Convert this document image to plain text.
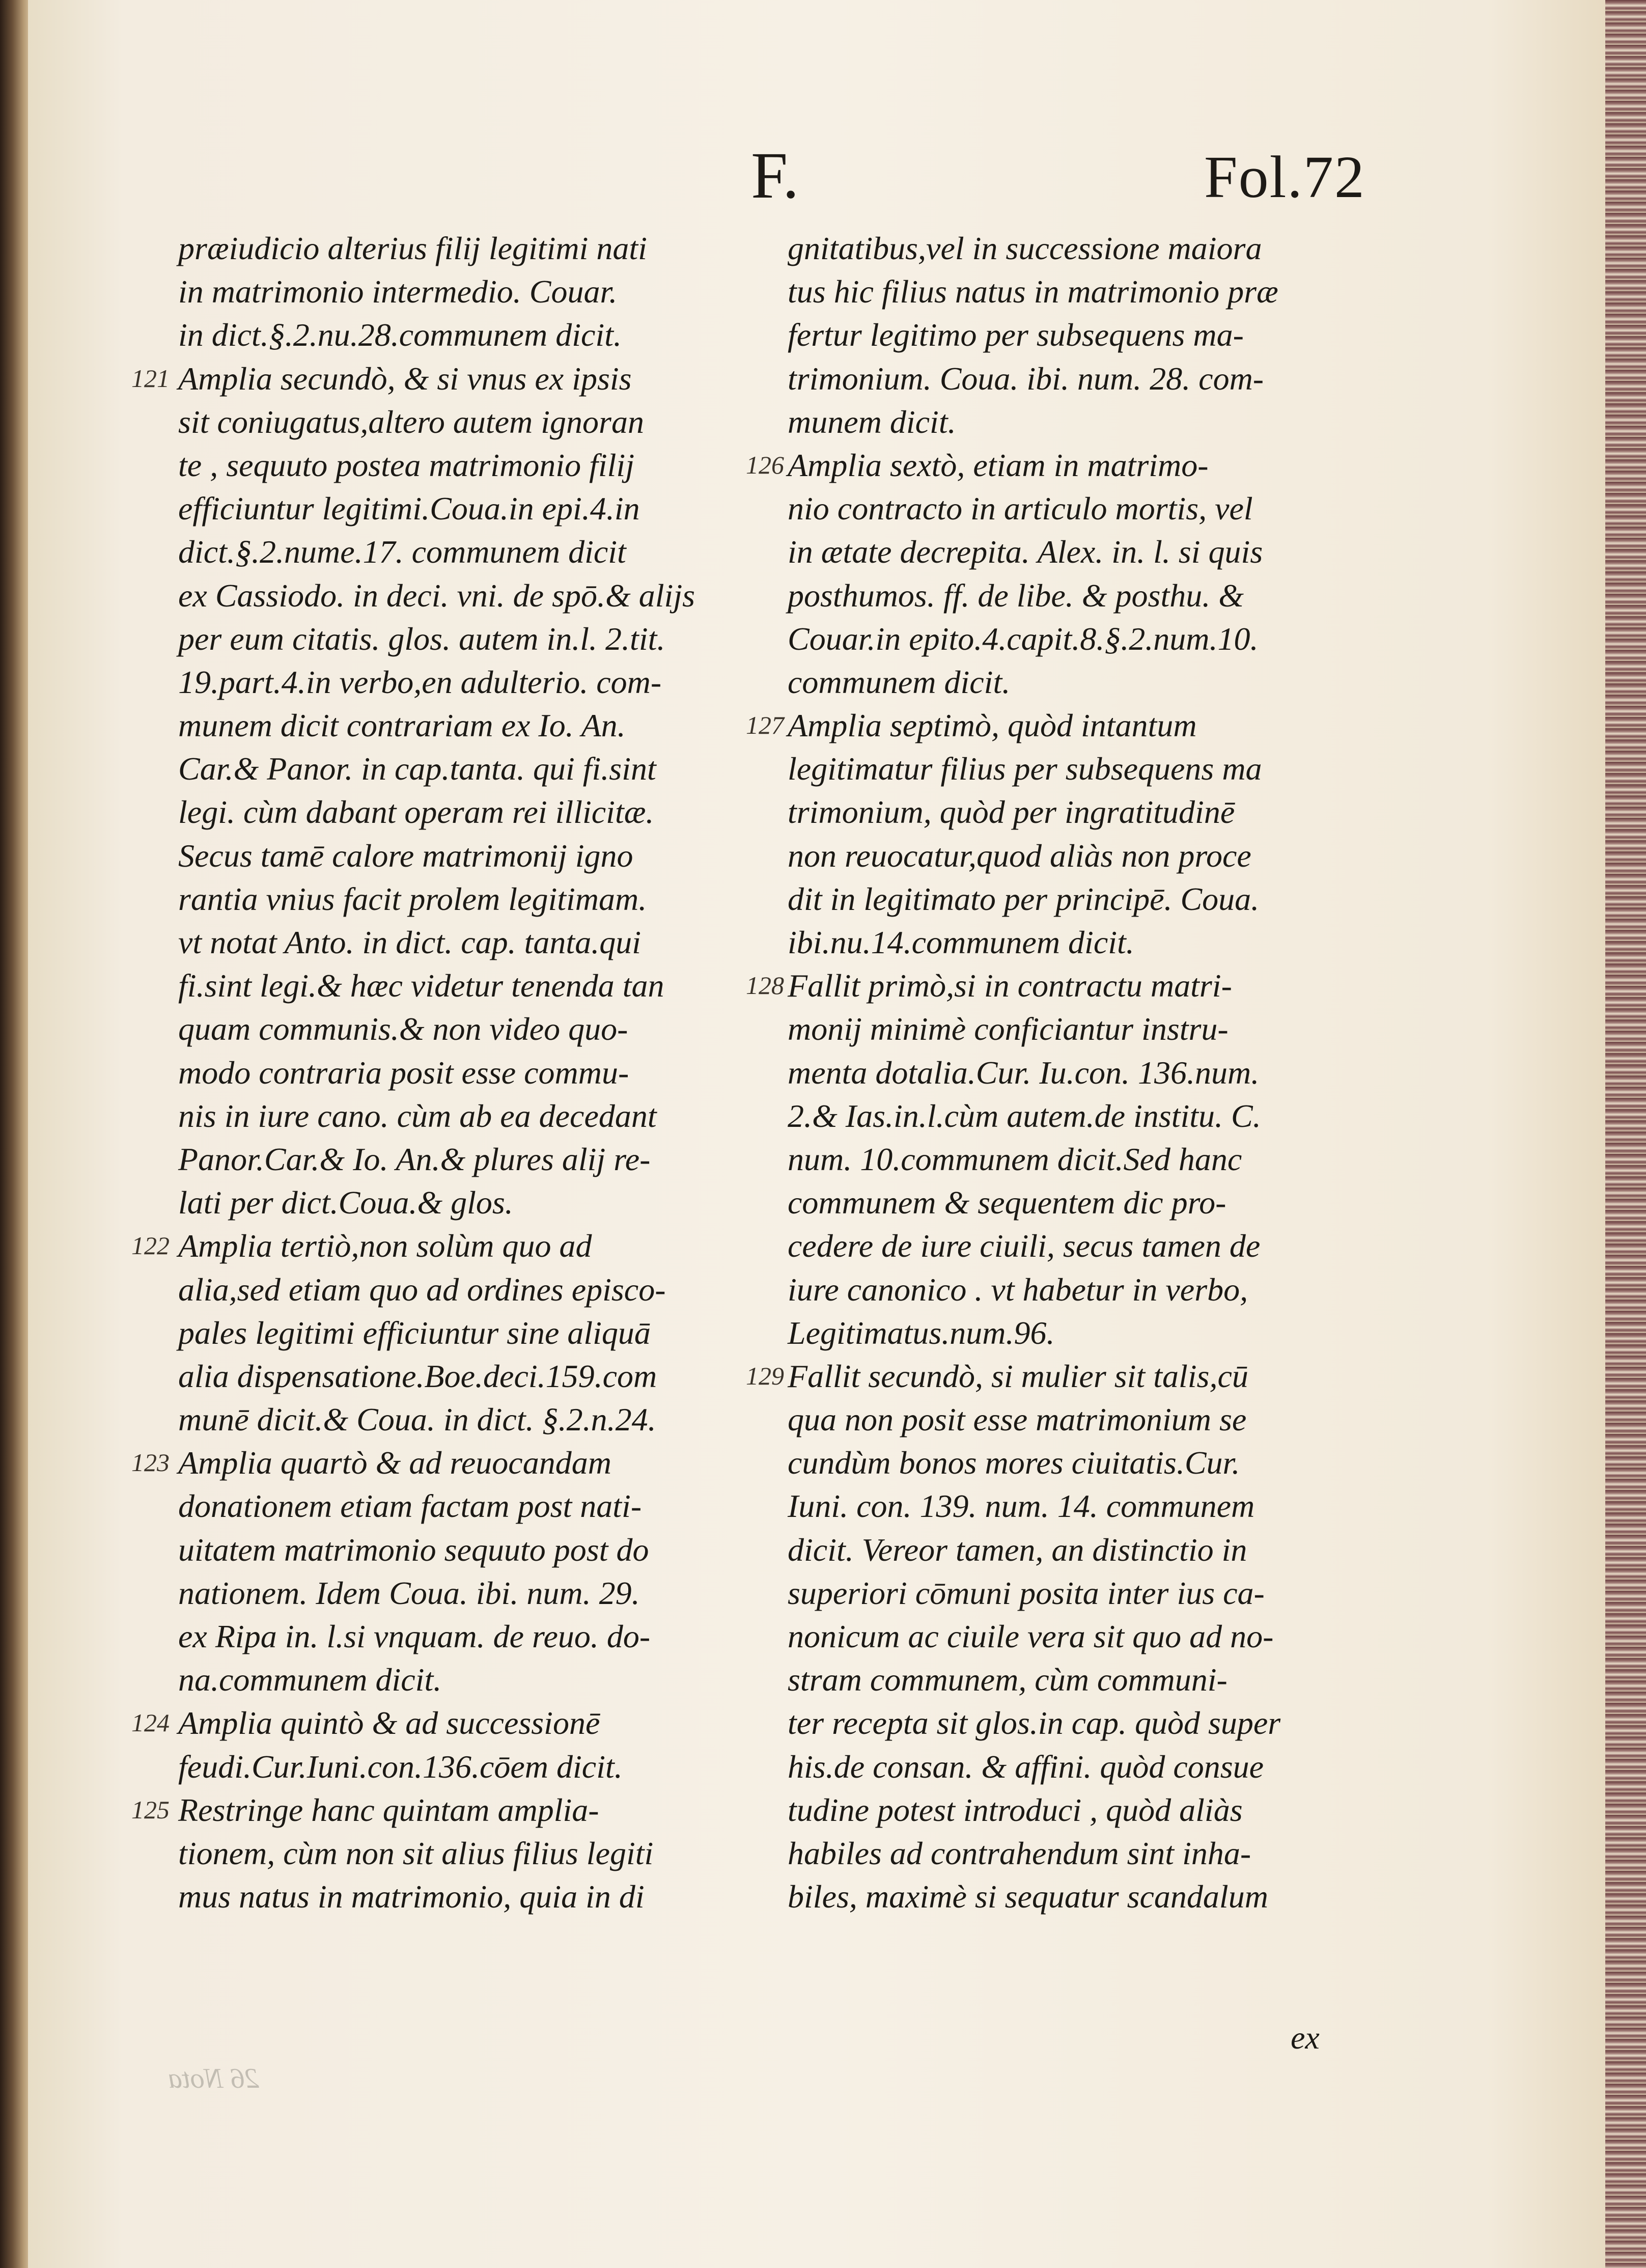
F.	Fol.72
præiudicio alterius filij legitimi nati
in matrimonio intermedio. Couar.
in dict.§.2.nu.28.communem dicit.
121 Amplia secundò, & si vnus ex ipsis
sit coniugatus,altero autem ignoran
te , sequuto postea matrimonio filij
efficiuntur legitimi.Coua.in epi.4.in
dict.§.2.nume.17. communem dicit
ex Cassiodo. in deci. vni. de spō.& alijs
per eum citatis. glos. autem in.l. 2.tit.
19.part.4.in verbo,en adulterio. com-
munem dicit contrariam ex Io. An.
Car.& Panor. in cap.tanta. qui fi.sint
legi. cùm dabant operam rei illicitæ.
Secus tamē calore matrimonij igno
rantia vnius facit prolem legitimam.
vt notat Anto. in dict. cap. tanta.qui
fi.sint legi.& hæc videtur tenenda tan
quam communis.& non video quo-
modo contraria posit esse commu-
nis in iure cano. cùm ab ea decedant
Panor.Car.& Io. An.& plures alij re-
lati per dict.Coua.& glos.
122 Amplia tertiò,non solùm quo ad
alia,sed etiam quo ad ordines episco-
pales legitimi efficiuntur sine aliquā
alia dispensatione.Boe.deci.159.com
munē dicit.& Coua. in dict. §.2.n.24.
123 Amplia quartò & ad reuocandam
donationem etiam factam post nati-
uitatem matrimonio sequuto post do
nationem. Idem Coua. ibi. num. 29.
ex Ripa in. l.si vnquam. de reuo. do-
na.communem dicit.
124 Amplia quintò & ad successionē
feudi.Cur.Iuni.con.136.cōem dicit.
125 Restringe hanc quintam amplia-
tionem, cùm non sit alius filius legiti
mus natus in matrimonio, quia in di
gnitatibus,vel in successione maiora
tus hic filius natus in matrimonio præ
fertur legitimo per subsequens ma-
trimonium. Coua. ibi. num. 28. com-
munem dicit.
126 Amplia sextò, etiam in matrimo-
nio contracto in articulo mortis, vel
in ætate decrepita. Alex. in. l. si quis
posthumos. ff. de libe. & posthu. &
Couar.in epito.4.capit.8.§.2.num.10.
communem dicit.
127 Amplia septimò, quòd intantum
legitimatur filius per subsequens ma
trimonium, quòd per ingratitudinē
non reuocatur,quod aliàs non proce
dit in legitimato per principē. Coua.
ibi.nu.14.communem dicit.
128 Fallit primò,si in contractu matri-
monij minimè conficiantur instru-
menta dotalia.Cur. Iu.con. 136.num.
2.& Ias.in.l.cùm autem.de institu. C.
num. 10.communem dicit.Sed hanc
communem & sequentem dic pro-
cedere de iure ciuili, secus tamen de
iure canonico . vt habetur in verbo,
Legitimatus.num.96.
129 Fallit secundò, si mulier sit talis,cū
qua non posit esse matrimonium se
cundùm bonos mores ciuitatis.Cur.
Iuni. con. 139. num. 14. communem
dicit. Vereor tamen, an distinctio in
superiori cōmuni posita inter ius ca-
nonicum ac ciuile vera sit quo ad no-
stram communem, cùm communi-
ter recepta sit glos.in cap. quòd super
his.de consan. & affini. quòd consue
tudine potest introduci , quòd aliàs
habiles ad contrahendum sint inha-
biles, maximè si sequatur scandalum
ex
26 Nota
